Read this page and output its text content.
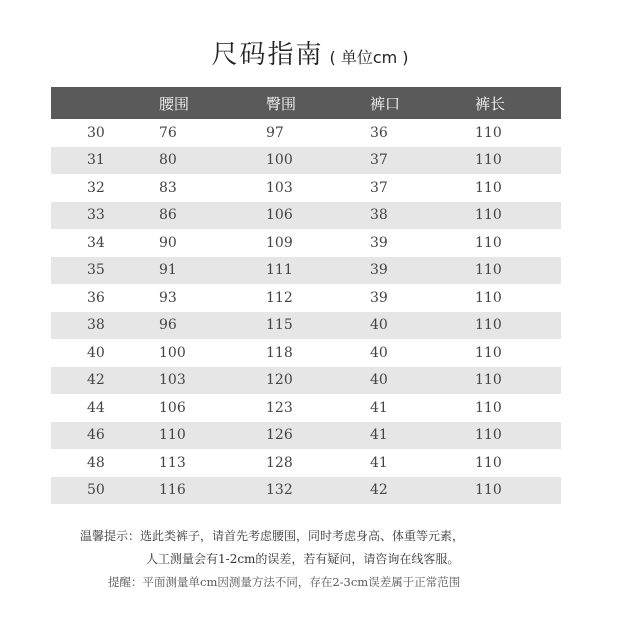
尺码指南 ( 单位cm )
	腰围	臀围	裤口	裤长
30	76	97	36	110
31	80	100	37	110
32	83	103	37	110
33	86	106	38	110
34	90	109	39	110
35	91	111	39	110
36	93	112	39	110
38	96	115	40	110
40	100	118	40	110
42	103	120	40	110
44	106	123	41	110
46	110	126	41	110
48	113	128	41	110
50	116	132	42	110
温馨提示：选此类裤子，请首先考虑腰围，同时考虑身高、体重等元素，
人工测量会有1-2cm的误差，若有疑问，请咨询在线客服。
提醒：平面测量单cm因测量方法不同，存在2-3cm误差属于正常范围
